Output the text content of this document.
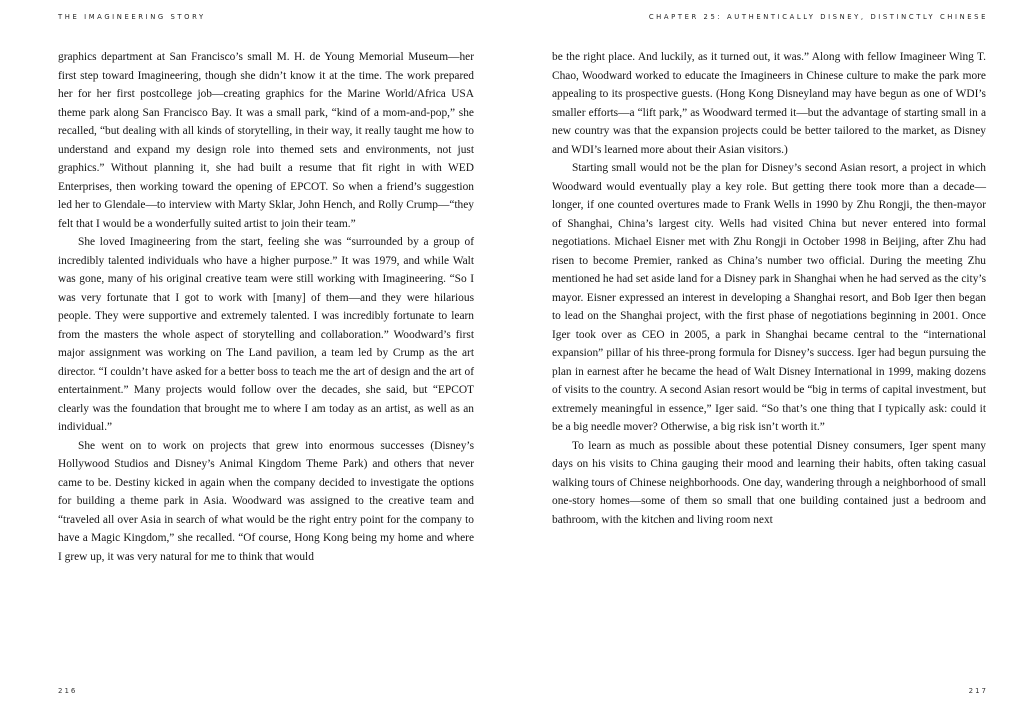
THE IMAGINEERING STORY

graphics department at San Francisco’s small M. H. de Young Memorial Museum—her first step toward Imagineering, though she didn’t know it at the time. The work prepared her for her first postcollege job—creating graphics for the Marine World/Africa USA theme park along San Francisco Bay. It was a small park, “kind of a mom-and-pop,” she recalled, “but dealing with all kinds of storytelling, in their way, it really taught me how to understand and expand my design role into themed sets and environments, not just graphics.” Without planning it, she had built a resume that fit right in with WED Enterprises, then working toward the opening of EPCOT. So when a friend’s suggestion led her to Glendale—to interview with Marty Sklar, John Hench, and Rolly Crump—“they felt that I would be a wonderfully suited artist to join their team.”

She loved Imagineering from the start, feeling she was “surrounded by a group of incredibly talented individuals who have a higher purpose.” It was 1979, and while Walt was gone, many of his original creative team were still working with Imagineering. “So I was very fortunate that I got to work with [many] of them—and they were hilarious people. They were supportive and extremely talented. I was incredibly fortunate to learn from the masters the whole aspect of storytelling and collaboration.” Woodward’s first major assignment was working on The Land pavilion, a team led by Crump as the art director. “I couldn’t have asked for a better boss to teach me the art of design and the art of entertainment.” Many projects would follow over the decades, she said, but “EPCOT clearly was the foundation that brought me to where I am today as an artist, as well as an individual.”

She went on to work on projects that grew into enormous successes (Disney’s Hollywood Studios and Disney’s Animal Kingdom Theme Park) and others that never came to be. Destiny kicked in again when the company decided to investigate the options for building a theme park in Asia. Woodward was assigned to the creative team and “traveled all over Asia in search of what would be the right entry point for the company to have a Magic Kingdom,” she recalled. “Of course, Hong Kong being my home and where I grew up, it was very natural for me to think that would

216
CHAPTER 25: AUTHENTICALLY DISNEY, DISTINCTLY CHINESE

be the right place. And luckily, as it turned out, it was.” Along with fellow Imagineer Wing T. Chao, Woodward worked to educate the Imagineers in Chinese culture to make the park more appealing to its prospective guests. (Hong Kong Disneyland may have begun as one of WDI’s smaller efforts—a “lift park,” as Woodward termed it—but the advantage of starting small in a new country was that the expansion projects could be better tailored to the market, as Disney and WDI’s learned more about their Asian visitors.)

Starting small would not be the plan for Disney’s second Asian resort, a project in which Woodward would eventually play a key role. But getting there took more than a decade—longer, if one counted overtures made to Frank Wells in 1990 by Zhu Rongji, the then-mayor of Shanghai, China’s largest city. Wells had visited China but never entered into formal negotiations. Michael Eisner met with Zhu Rongji in October 1998 in Beijing, after Zhu had risen to become Premier, ranked as China’s number two official. During the meeting Zhu mentioned he had set aside land for a Disney park in Shanghai when he had served as the city’s mayor. Eisner expressed an interest in developing a Shanghai resort, and Bob Iger then began to lead on the Shanghai project, with the first phase of negotiations beginning in 2001. Once Iger took over as CEO in 2005, a park in Shanghai became central to the “international expansion” pillar of his three-prong formula for Disney’s success. Iger had begun pursuing the plan in earnest after he became the head of Walt Disney International in 1999, making dozens of visits to the country. A second Asian resort would be “big in terms of capital investment, but extremely meaningful in essence,” Iger said. “So that’s one thing that I typically ask: could it be a big needle mover? Otherwise, a big risk isn’t worth it.”

To learn as much as possible about these potential Disney consumers, Iger spent many days on his visits to China gauging their mood and learning their habits, often taking casual walking tours of Chinese neighborhoods. One day, wandering through a neighborhood of small one-story homes—some of them so small that one building contained just a bedroom and bathroom, with the kitchen and living room next

217
